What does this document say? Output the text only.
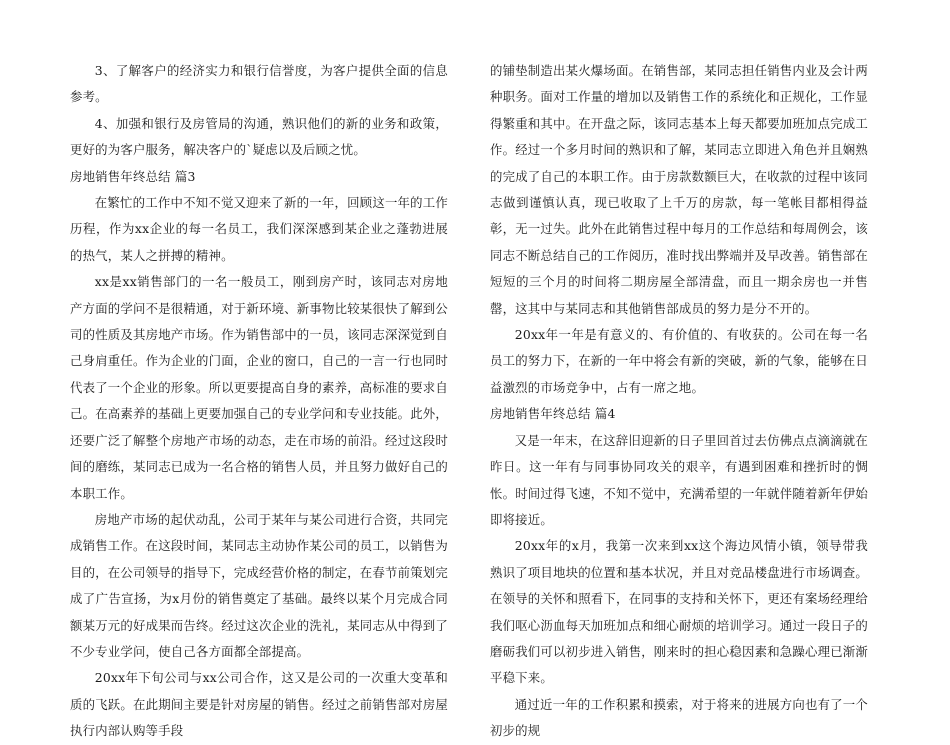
3、了解客户的经济实力和银行信誉度，为客户提供全面的信息参考。

4、加强和银行及房管局的沟通，熟识他们的新的业务和政策，更好的为客户服务，解决客户的`疑虑以及后顾之忧。

房地销售年终总结 篇3

在繁忙的工作中不知不觉又迎来了新的一年，回顾这一年的工作历程，作为xx企业的每一名员工，我们深深感到某企业之蓬勃进展的热气，某人之拼搏的精神。

xx是xx销售部门的一名一般员工，刚到房产时，该同志对房地产方面的学问不是很精通，对于新环境、新事物比较某很快了解到公司的性质及其房地产市场。作为销售部中的一员，该同志深深觉到自己身肩重任。作为企业的门面，企业的窗口，自己的一言一行也同时代表了一个企业的形象。所以更要提高自身的素养，高标准的要求自己。在高素养的基础上更要加强自己的专业学问和专业技能。此外，还要广泛了解整个房地产市场的动态，走在市场的前沿。经过这段时间的磨练，某同志已成为一名合格的销售人员，并且努力做好自己的本职工作。

房地产市场的起伏动乱，公司于某年与某公司进行合资，共同完成销售工作。在这段时间，某同志主动协作某公司的员工，以销售为目的，在公司领导的指导下，完成经营价格的制定，在春节前策划完成了广告宣扬，为x月份的销售奠定了基础。最终以某个月完成合同额某万元的好成果而告终。经过这次企业的洗礼，某同志从中得到了不少专业学问，使自己各方面都全部提高。

20xx年下旬公司与xx公司合作，这又是公司的一次重大变革和质的飞跃。在此期间主要是针对房屋的销售。经过之前销售部对房屋执行内部认购等手段

的铺垫制造出某火爆场面。在销售部，某同志担任销售内业及会计两种职务。面对工作量的增加以及销售工作的系统化和正规化，工作显得繁重和其中。在开盘之际，该同志基本上每天都要加班加点完成工作。经过一个多月时间的熟识和了解，某同志立即进入角色并且娴熟的完成了自己的本职工作。由于房款数额巨大，在收款的过程中该同志做到谨慎认真，现已收取了上千万的房款，每一笔帐目都相得益彰，无一过失。此外在此销售过程中每月的工作总结和每周例会，该同志不断总结自己的工作阅历，准时找出弊端并及早改善。销售部在短短的三个月的时间将二期房屋全部清盘，而且一期余房也一并售罄，这其中与某同志和其他销售部成员的努力是分不开的。

20xx年一年是有意义的、有价值的、有收获的。公司在每一名员工的努力下，在新的一年中将会有新的突破，新的气象，能够在日益激烈的市场竞争中，占有一席之地。

房地销售年终总结 篇4

又是一年末，在这辞旧迎新的日子里回首过去仿佛点点滴滴就在昨日。这一年有与同事协同攻关的艰辛，有遇到困难和挫折时的惆怅。时间过得飞速，不知不觉中，充满希望的一年就伴随着新年伊始即将接近。

20xx年的x月，我第一次来到xx这个海边风情小镇，领导带我熟识了项目地块的位置和基本状况，并且对竞品楼盘进行市场调查。在领导的关怀和照看下，在同事的支持和关怀下，更还有案场经理给我们呕心沥血每天加班加点和细心耐烦的培训学习。通过一段日子的磨砺我们可以初步进入销售，刚来时的担心稳因素和急躁心理已渐渐平稳下来。

通过近一年的工作积累和摸索，对于将来的进展方向也有了一个初步的规
